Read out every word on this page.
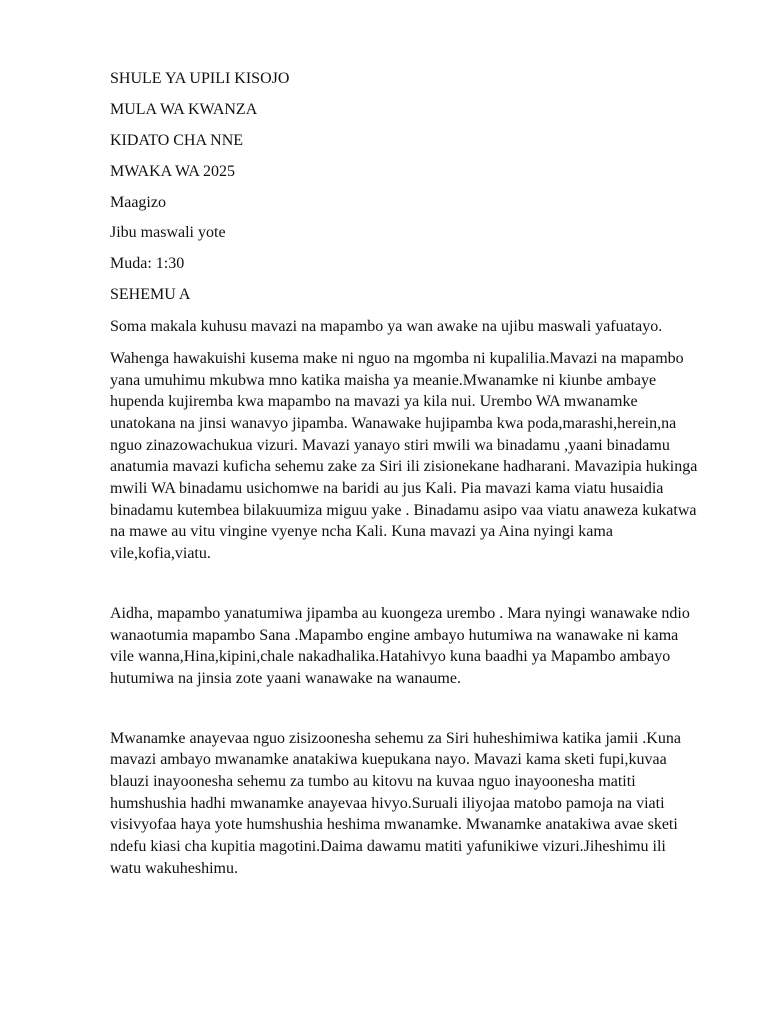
SHULE YA UPILI KISOJO
MULA WA KWANZA
KIDATO CHA NNE
MWAKA WA 2025
Maagizo
Jibu maswali yote
Muda: 1:30
SEHEMU A

Soma makala kuhusu mavazi na mapambo ya wan awake na ujibu maswali yafuatayo.

Wahenga hawakuishi kusema make ni nguo na mgomba ni kupalilia.Mavazi na mapambo yana umuhimu mkubwa mno katika maisha ya meanie.Mwanamke ni kiunbe ambaye hupenda kujiremba kwa mapambo na mavazi ya kila nui. Urembo WA mwanamke unatokana na jinsi wanavyo jipamba. Wanawake hujipamba kwa poda,marashi,herein,na nguo zinazowachukua vizuri. Mavazi yanayo stiri mwili wa binadamu ,yaani binadamu anatumia mavazi kuficha sehemu zake za Siri ili zisionekane hadharani. Mavazipia hukinga mwili WA binadamu usichomwe na baridi au jus Kali. Pia mavazi kama viatu husaidia binadamu kutembea bilakuumiza miguu yake . Binadamu asipo vaa viatu anaweza kukatwa na mawe au vitu vingine vyenye ncha Kali. Kuna mavazi ya Aina nyingi kama vile,kofia,viatu.

Aidha, mapambo yanatumiwa jipamba au kuongeza urembo . Mara nyingi wanawake ndio wanaotumia mapambo Sana .Mapambo engine ambayo hutumiwa na wanawake ni kama vile wanna,Hina,kipini,chale nakadhalika.Hatahivyo kuna baadhi ya Mapambo ambayo hutumiwa na jinsia zote yaani wanawake na wanaume.

Mwanamke anayevaa nguo zisizoonesha sehemu za Siri huheshimiwa katika jamii .Kuna mavazi ambayo mwanamke anatakiwa kuepukana nayo. Mavazi kama sketi fupi,kuvaa blauzi inayoonesha sehemu za tumbo au kitovu na kuvaa nguo inayoonesha matiti humshushia hadhi mwanamke anayevaa hivyo.Suruali iliyojaa matobo pamoja na viati visivyofaa haya yote humshushia heshima mwanamke. Mwanamke anatakiwa avae sketi ndefu kiasi cha kupitia magotini.Daima dawamu matiti yafunikiwe vizuri.Jiheshimu ili watu wakuheshimu.
